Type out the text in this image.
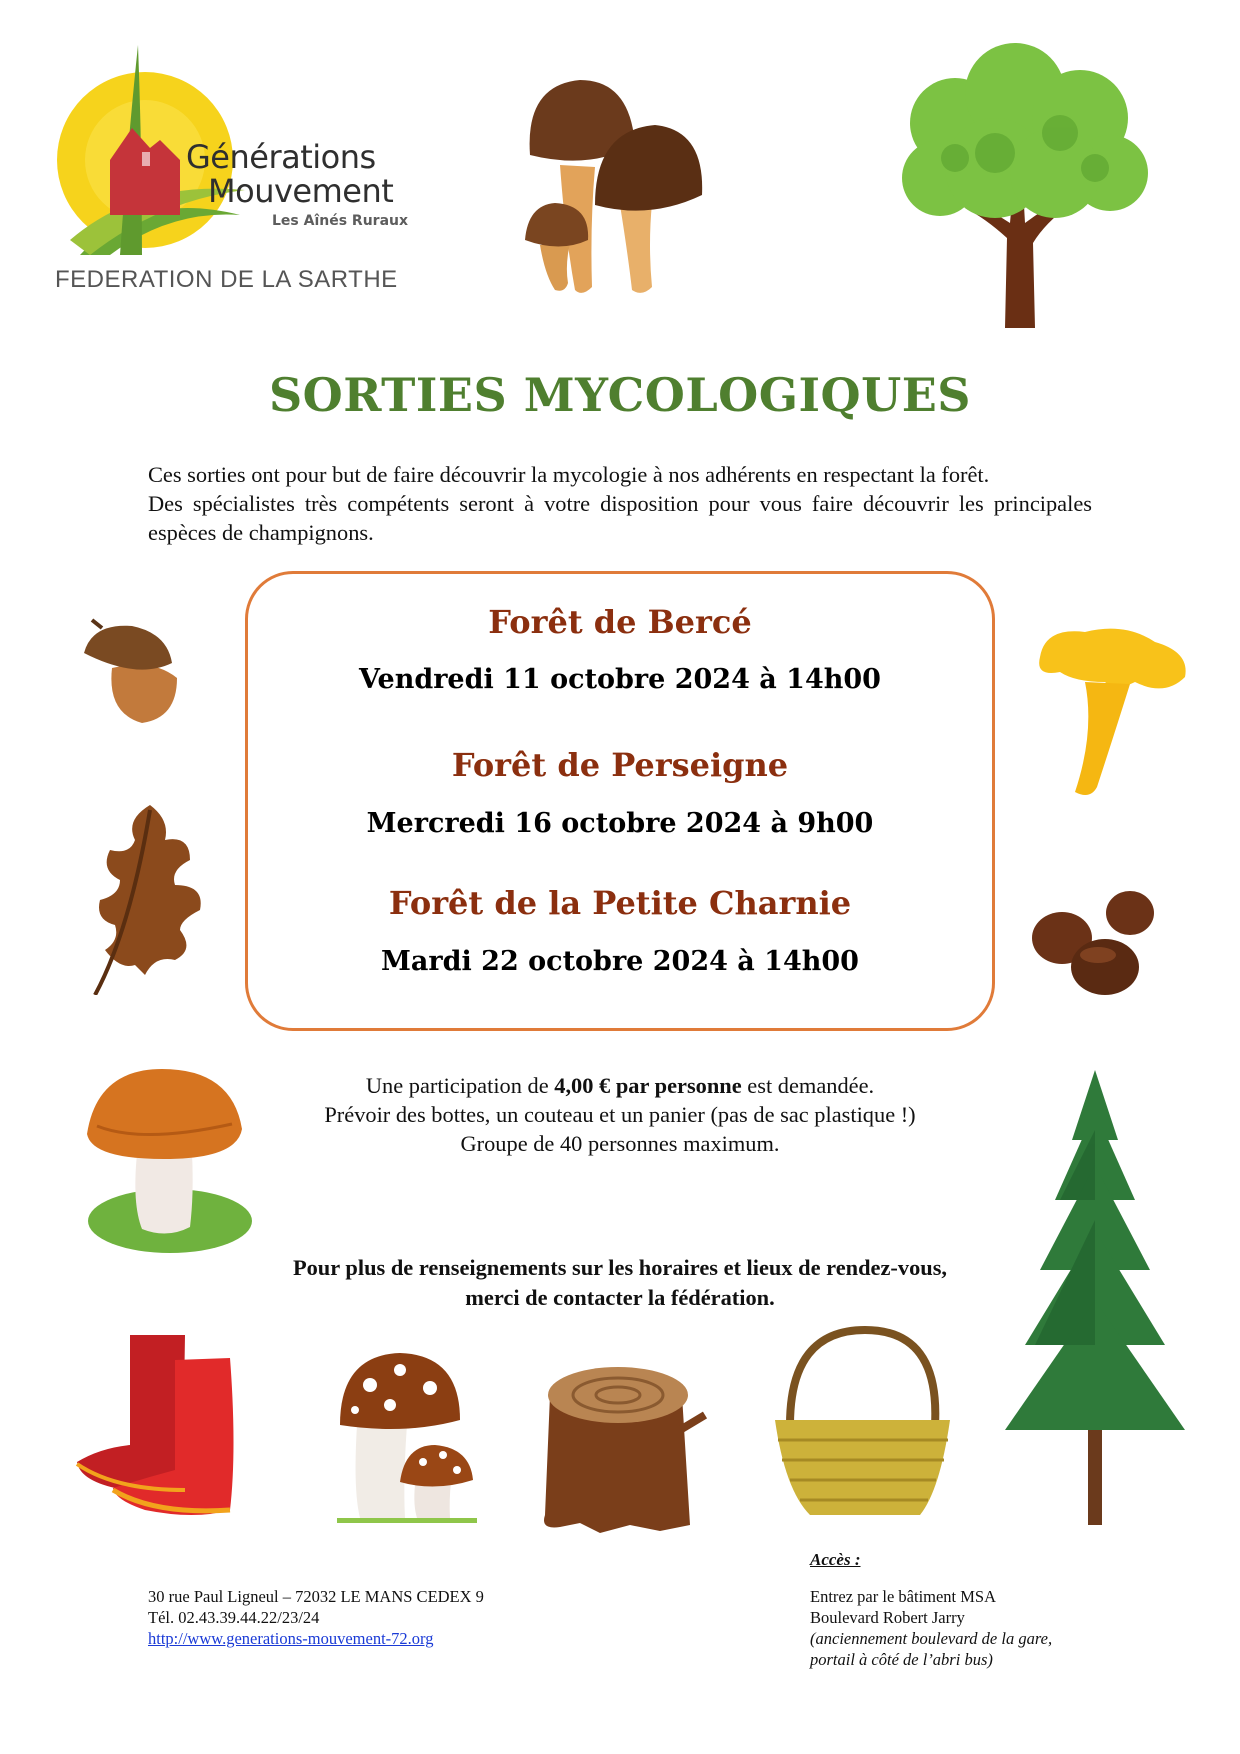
Générations
Mouvement
Les Aînés Ruraux
FEDERATION DE LA SARTHE
SORTIES MYCOLOGIQUES

Ces sorties ont pour but de faire découvrir la mycologie à nos adhérents en respectant la forêt.

Des spécialistes très compétents seront à votre disposition pour vous faire découvrir les principales espèces de champignons.

Forêt de Bercé
Vendredi 11 octobre 2024 à 14h00
Forêt de Perseigne
Mercredi 16 octobre 2024 à 9h00
Forêt de la Petite Charnie
Mardi 22 octobre 2024 à 14h00
Une participation de 4,00 € par personne est demandée.
Prévoir des bottes, un couteau et un panier (pas de sac plastique !)
Groupe de 40 personnes maximum.
Pour plus de renseignements sur les horaires et lieux de rendez-vous,
merci de contacter la fédération.
30 rue Paul Ligneul – 72032 LE MANS CEDEX 9
Tél. 02.43.39.44.22/23/24
http://www.generations-mouvement-72.org
Accès :
Entrez par le bâtiment MSA
Boulevard Robert Jarry
(anciennement boulevard de la gare,
portail à côté de l’abri bus)
